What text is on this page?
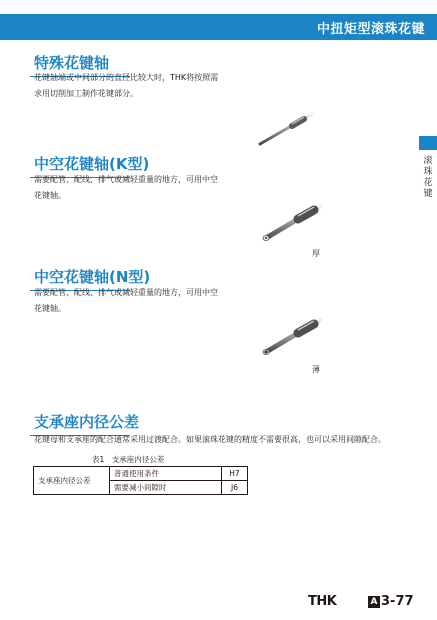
中扭矩型滚珠花键
滚珠花键
特殊花键轴
花键轴端或中间部分的直径比较大时，THK将按照需求用切削加工制作花键部分。
中空花键轴(K型)
需要配管、配线、排气或减轻重量的地方，可用中空花键轴。
厚
中空花键轴(N型)
需要配管、配线、排气或减轻重量的地方，可用中空花键轴。
薄
支承座内径公差
花键母和支承座的配合通常采用过渡配合。如果滚珠花键的精度不需要很高，也可以采用间隙配合。
表1　支承座内径公差
支承座内径公差	普通使用条件	H7
	需要减小间隙时	J6
THK	A 3-77
